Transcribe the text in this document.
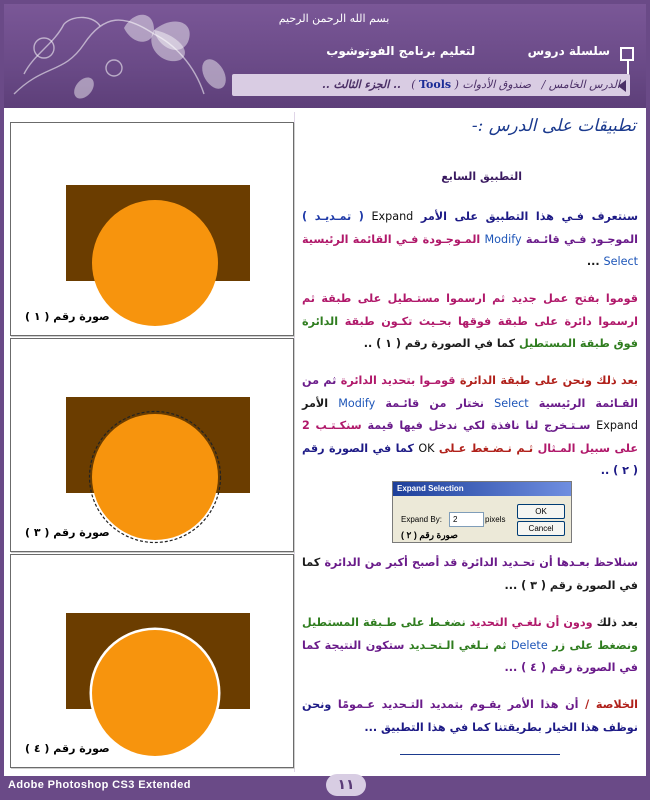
بسم الله الرحمن الرحيم
سلسلة دروس  لتعليم برنامج الفوتوشوب
الدرس الخامس /   صندوق الأدوات ( Tools )   .. الجزء الثالث ..
صورة رقم ( ١ )
صورة رقم ( ٣ )
صورة رقم ( ٤ )
تطبيقات على الدرس :-
التطبيق السابع
سنتعرف فـي هذا التطبيق على الأمر Expand ( تمـديـد ) الموجـود فـي قائـمة Modify المـوجـودة فـي القائمة الرئيسية Select ...
قوموا بفتح عمل جديد ثم ارسموا مستـطيل على طبقة ثم ارسموا دائرة على طبقة فوقها بحـيث تكـون طبقة الدائرة فوق طبقة المستطيل كما في الصورة رقم ( ١ ) ..
بعد ذلك ونحن على طبقة الدائرة قومـوا بتحديد الدائرة ثم من القـائمة الرئيسية Select نختار من قائـمة Modify الأمر Expand سـتـخرج لنا نافذة لكي ندخل فيها قيمة سنكـتـب 2 على سبيل المـثال ثـم نـضـغط عـلى OK كما في الصورة رقم ( ٢ ) ..
سنلاحظ بعـدها أن تحـديد الدائرة قد أصبح أكبر من الدائرة كما في الصورة رقم ( ٣ ) ...
بعد ذلك ودون أن نلغـي التحديد نضغـط على طـبقة المستطيل ونضغط على زر Delete ثم نـلغي الـتحـديد ستكون النتيجة كما في الصورة رقم ( ٤ ) ...
الخلاصة / أن هذا الأمر يقـوم بتمديد التـحديد عـمومًا ونحن نوظف هذا الخيار بطريقتنا كما في هذا التطبيق ...
Expand Selection
Expand By:	2	pixels
OK
Cancel
صورة رقم ( ٢ )
Adobe Photoshop CS3 Extended	١١
